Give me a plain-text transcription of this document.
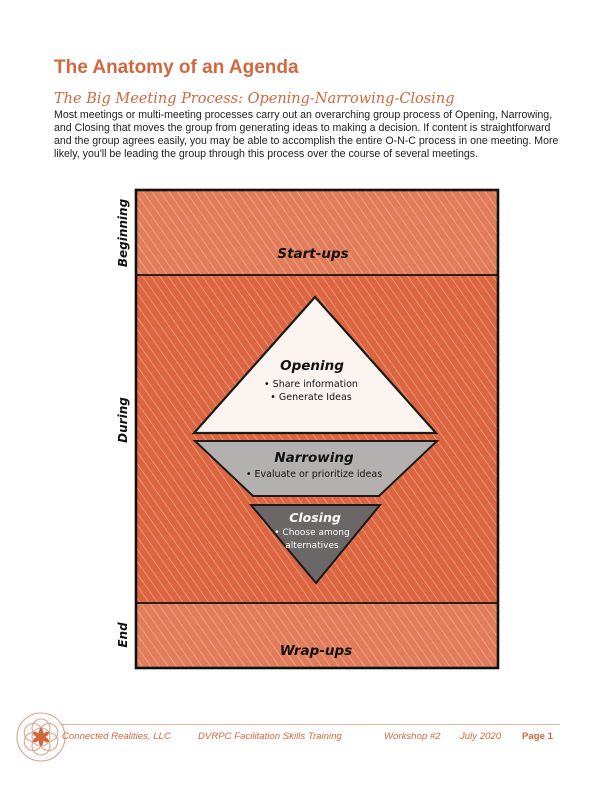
The Anatomy of an Agenda
The Big Meeting Process: Opening-Narrowing-Closing
Most meetings or multi-meeting processes carry out an overarching group process of Opening, Narrowing, and Closing that moves the group from generating ideas to making a decision. If content is straightforward and the group agrees easily, you may be able to accomplish the entire O-N-C process in one meeting. More likely, you'll be leading the group through this process over the course of several meetings.
Start-ups
Wrap-ups
Beginning
During
End
Opening
• Share information
• Generate Ideas
Narrowing
• Evaluate or prioritize ideas
Closing
• Choose among
alternatives
Connected Realities, LLC	DVRPC Facilitation Skills Training	Workshop #2 July 2020 Page 1
